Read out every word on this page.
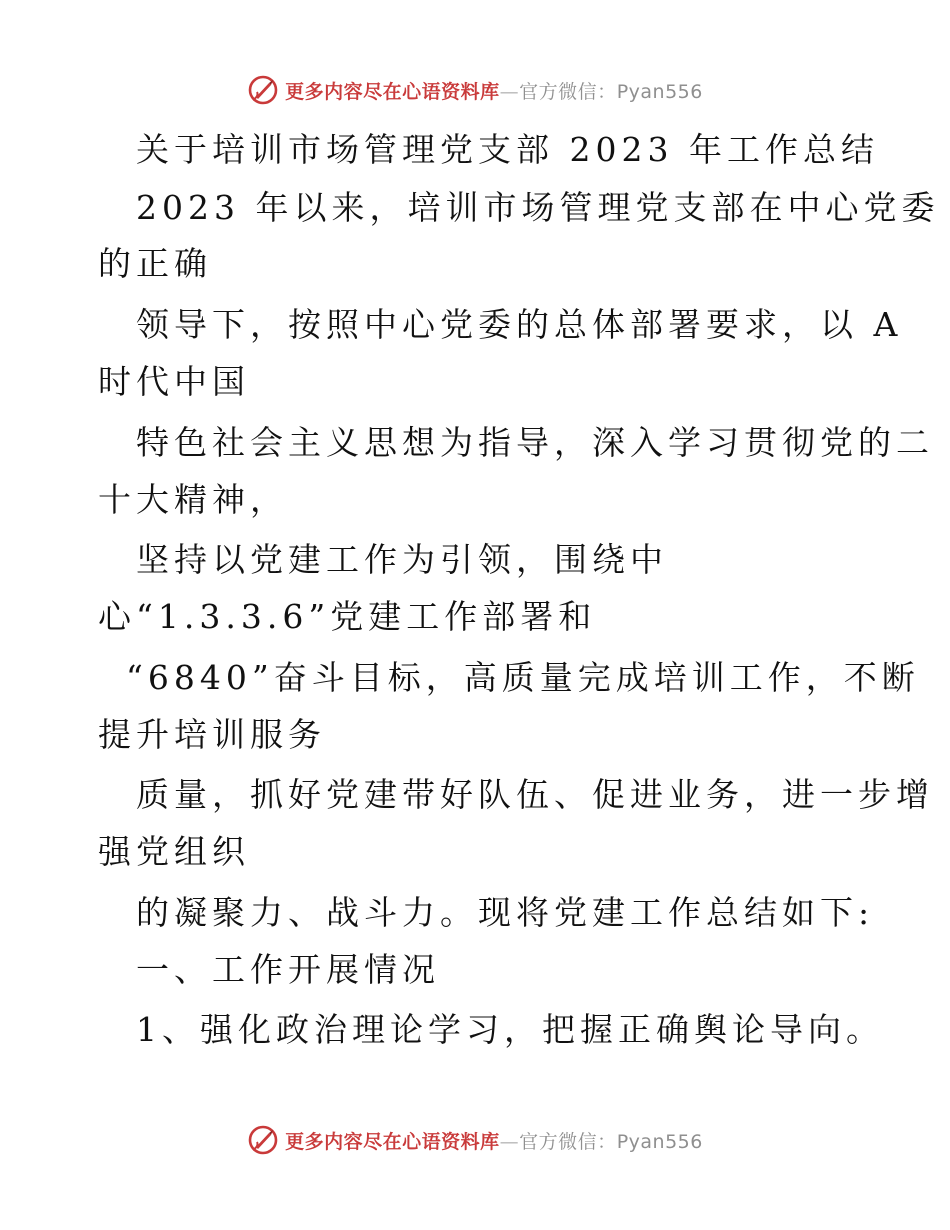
更多内容尽在心语资料库—官方微信：Pyan556
关于培训市场管理党支部 2023 年工作总结
2023 年以来，培训市场管理党支部在中心党委
的正确
领导下，按照中心党委的总体部署要求，以 A
时代中国
特色社会主义思想为指导，深入学习贯彻党的二
十大精神，
坚持以党建工作为引领，围绕中
心“1.3.3.6”党建工作部署和
“6840”奋斗目标，高质量完成培训工作，不断
提升培训服务
质量，抓好党建带好队伍、促进业务，进一步增
强党组织
的凝聚力、战斗力。现将党建工作总结如下:
一、工作开展情况
1、强化政治理论学习，把握正确舆论导向。
更多内容尽在心语资料库—官方微信：Pyan556
